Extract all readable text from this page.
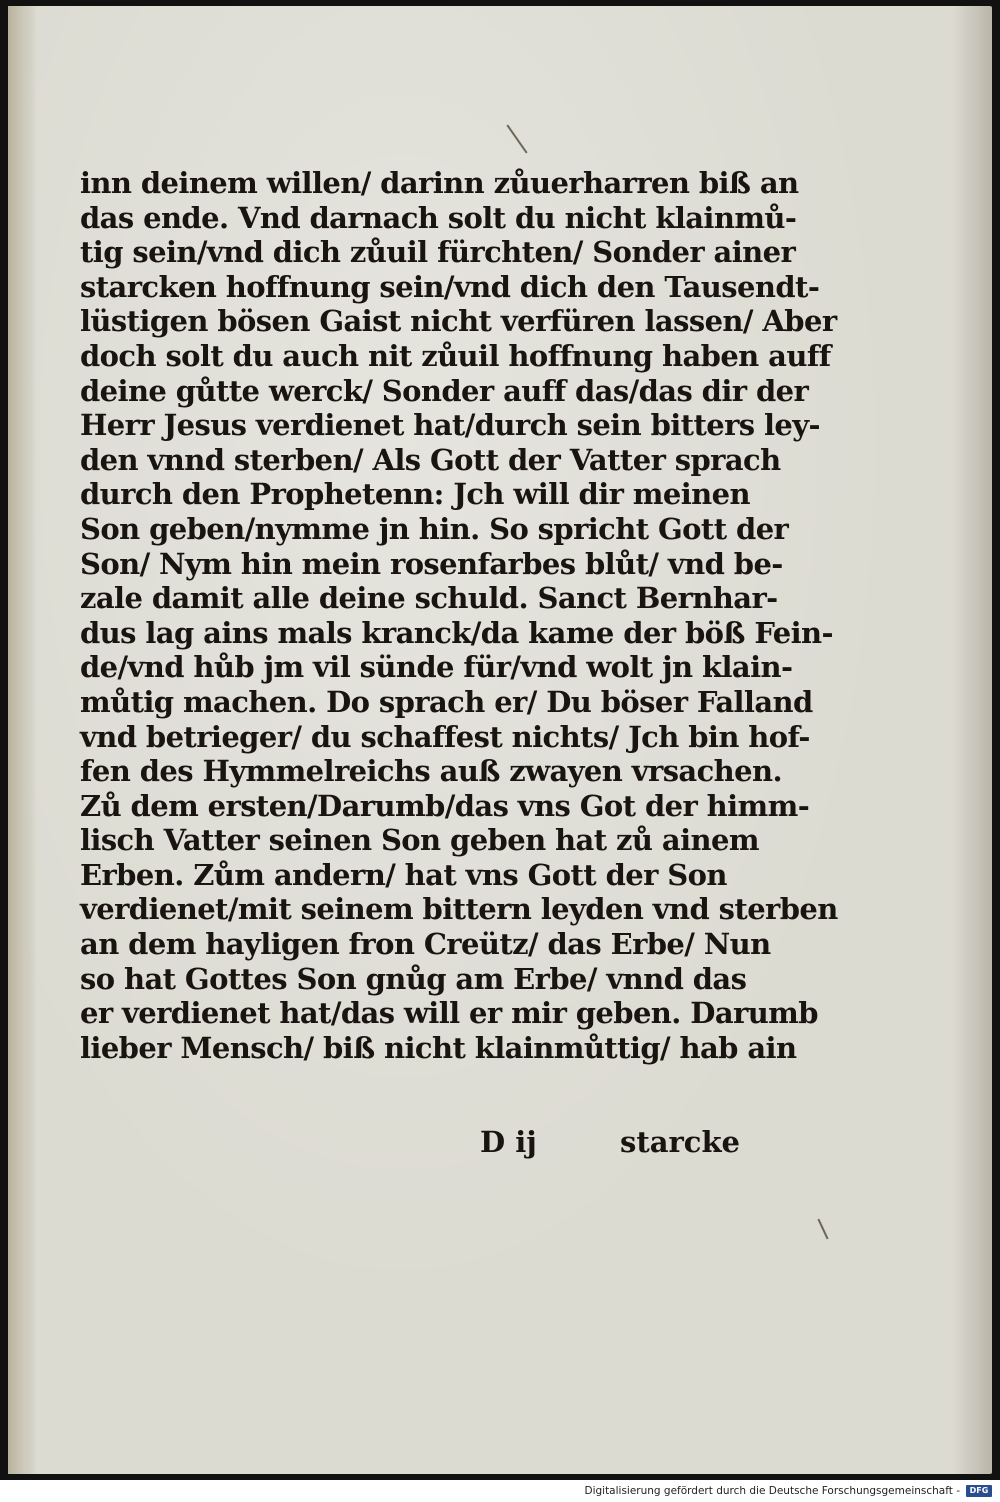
inn deinem willen/ darinn zůuerharren biß an
das ende. Vnd darnach solt du nicht klainmů-
tig sein/vnd dich zůuil fürchten/ Sonder ainer
starcken hoffnung sein/vnd dich den Tausendt-
lüstigen bösen Gaist nicht verfüren lassen/ Aber
doch solt du auch nit zůuil hoffnung haben auff
deine gůtte werck/ Sonder auff das/das dir der
Herr Jesus verdienet hat/durch sein bitters ley-
den vnnd sterben/ Als Gott der Vatter sprach
durch den Prophetenn: Jch will dir meinen
Son geben/nymme jn hin. So spricht Gott der
Son/ Nym hin mein rosenfarbes blůt/ vnd be-
zale damit alle deine schuld. Sanct Bernhar-
dus lag ains mals kranck/da kame der böß Fein-
de/vnd hůb jm vil sünde für/vnd wolt jn klain-
můtig machen. Do sprach er/ Du böser Falland
vnd betrieger/ du schaffest nichts/ Jch bin hof-
fen des Hymmelreichs auß zwayen vrsachen.
Zů dem ersten/Darumb/das vns Got der himm-
lisch Vatter seinen Son geben hat zů ainem
Erben. Zům andern/ hat vns Gott der Son
verdienet/mit seinem bittern leyden vnd sterben
an dem hayligen fron Creütz/ das Erbe/ Nun
so hat Gottes Son gnůg am Erbe/ vnnd das
er verdienet hat/das will er mir geben. Darumb
lieber Mensch/ biß nicht klainmůttig/ hab ain
D ij	starcke
Digitalisierung gefördert durch die Deutsche Forschungsgemeinschaft -	DFG
